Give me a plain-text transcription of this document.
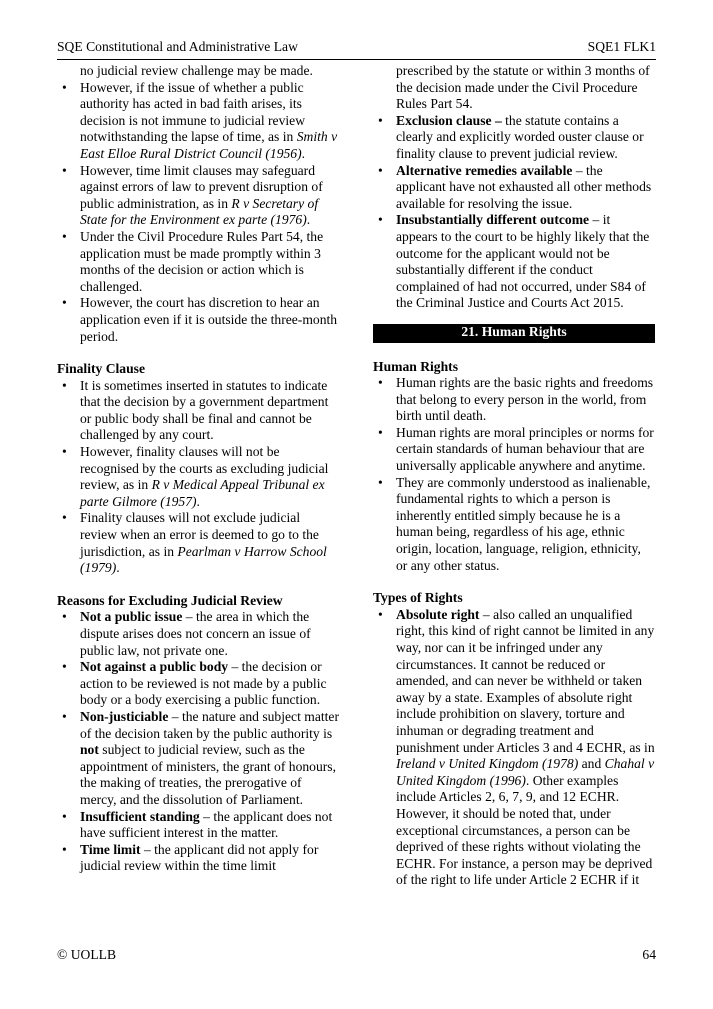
SQE Constitutional and Administrative Law	SQE1 FLK1
no judicial review challenge may be made.
• However, if the issue of whether a public authority has acted in bad faith arises, its decision is not immune to judicial review notwithstanding the lapse of time, as in Smith v East Elloe Rural District Council (1956).
• However, time limit clauses may safeguard against errors of law to prevent disruption of public administration, as in R v Secretary of State for the Environment ex parte (1976).
• Under the Civil Procedure Rules Part 54, the application must be made promptly within 3 months of the decision or action which is challenged.
• However, the court has discretion to hear an application even if it is outside the three-month period.
Finality Clause
• It is sometimes inserted in statutes to indicate that the decision by a government department or public body shall be final and cannot be challenged by any court.
• However, finality clauses will not be recognised by the courts as excluding judicial review, as in R v Medical Appeal Tribunal ex parte Gilmore (1957).
• Finality clauses will not exclude judicial review when an error is deemed to go to the jurisdiction, as in Pearlman v Harrow School (1979).
Reasons for Excluding Judicial Review
• Not a public issue – the area in which the dispute arises does not concern an issue of public law, not private one.
• Not against a public body – the decision or action to be reviewed is not made by a public body or a body exercising a public function.
• Non-justiciable – the nature and subject matter of the decision taken by the public authority is not subject to judicial review, such as the appointment of ministers, the grant of honours, the making of treaties, the prerogative of mercy, and the dissolution of Parliament.
• Insufficient standing – the applicant does not have sufficient interest in the matter.
• Time limit – the applicant did not apply for judicial review within the time limit
prescribed by the statute or within 3 months of the decision made under the Civil Procedure Rules Part 54.
• Exclusion clause – the statute contains a clearly and explicitly worded ouster clause or finality clause to prevent judicial review.
• Alternative remedies available – the applicant have not exhausted all other methods available for resolving the issue.
• Insubstantially different outcome – it appears to the court to be highly likely that the outcome for the applicant would not be substantially different if the conduct complained of had not occurred, under S84 of the Criminal Justice and Courts Act 2015.
21. Human Rights
Human Rights
• Human rights are the basic rights and freedoms that belong to every person in the world, from birth until death.
• Human rights are moral principles or norms for certain standards of human behaviour that are universally applicable anywhere and anytime.
• They are commonly understood as inalienable, fundamental rights to which a person is inherently entitled simply because he is a human being, regardless of his age, ethnic origin, location, language, religion, ethnicity, or any other status.
Types of Rights
• Absolute right – also called an unqualified right, this kind of right cannot be limited in any way, nor can it be infringed under any circumstances. It cannot be reduced or amended, and can never be withheld or taken away by a state. Examples of absolute right include prohibition on slavery, torture and inhuman or degrading treatment and punishment under Articles 3 and 4 ECHR, as in Ireland v United Kingdom (1978) and Chahal v United Kingdom (1996). Other examples include Articles 2, 6, 7, 9, and 12 ECHR. However, it should be noted that, under exceptional circumstances, a person can be deprived of these rights without violating the ECHR. For instance, a person may be deprived of the right to life under Article 2 ECHR if it
© UOLLB	64
